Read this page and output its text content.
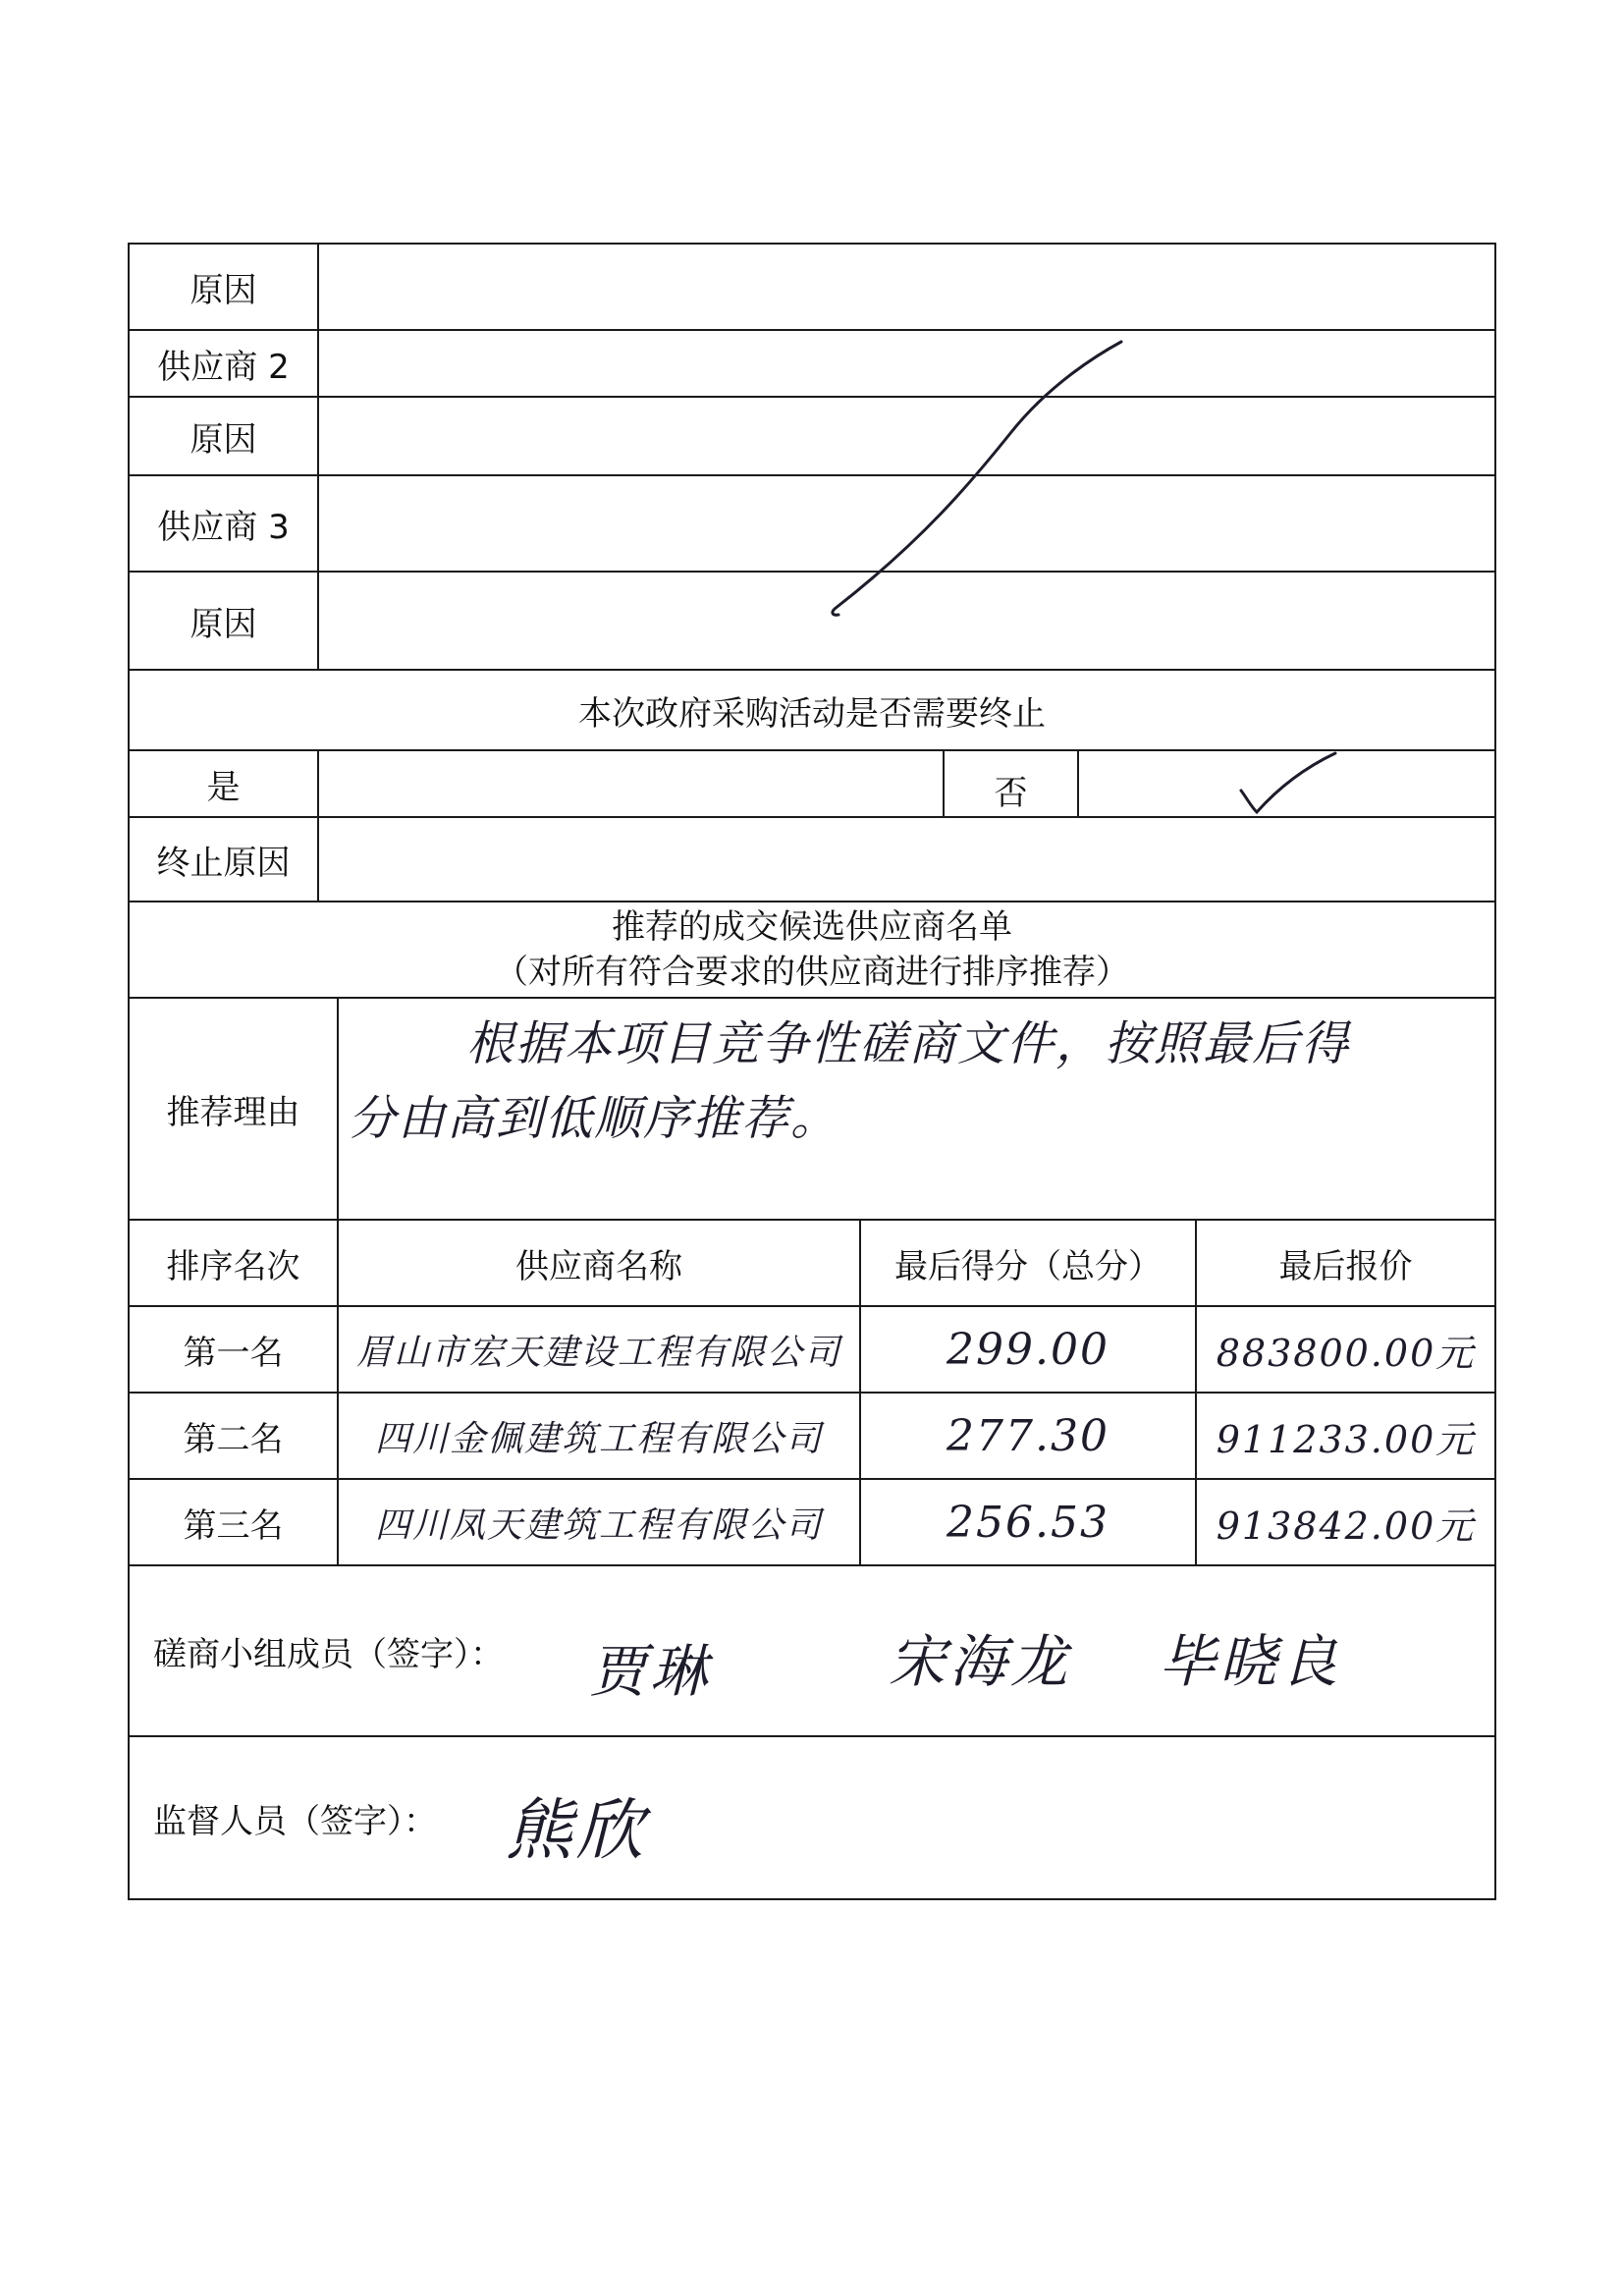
原因
供应商 2
原因
供应商 3
原因
本次政府采购活动是否需要终止
是	否
终止原因
推荐的成交候选供应商名单
（对所有符合要求的供应商进行排序推荐）
推荐理由
根据本项目竞争性磋商文件，按照最后得
分由高到低顺序推荐。
排序名次	供应商名称	最后得分（总分）	最后报价
第一名 眉山市宏天建设工程有限公司 299.00	883800.00元
第二名	四川金佩建筑工程有限公司	277.30	911233.00元
第三名	四川凤天建筑工程有限公司	256.53	913842.00元
磋商小组成员（签字）： 贾琳	宋海龙 毕晓良
监督人员（签字）： 熊欣
